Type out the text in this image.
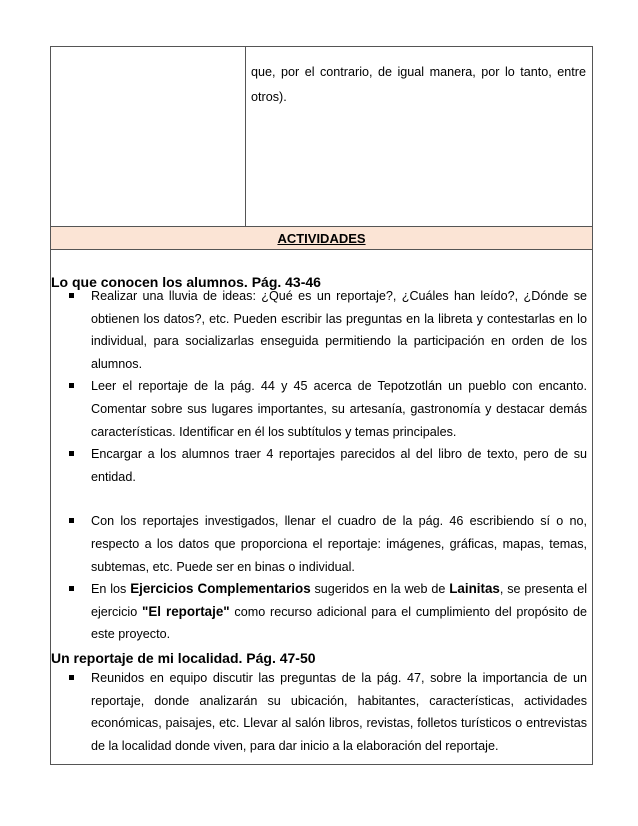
que, por el contrario, de igual manera, por lo tanto, entre otros).
ACTIVIDADES
Lo que conocen los alumnos. Pág. 43-46
Realizar una lluvia de ideas: ¿Qué es un reportaje?, ¿Cuáles han leído?, ¿Dónde se obtienen los datos?, etc. Pueden escribir las preguntas en la libreta y contestarlas en lo individual, para socializarlas enseguida permitiendo la participación en orden de los alumnos.
Leer el reportaje de la pág. 44 y 45 acerca de Tepotzotlán un pueblo con encanto. Comentar sobre sus lugares importantes, su artesanía, gastronomía y destacar demás características. Identificar en él los subtítulos y temas principales.
Encargar a los alumnos traer 4 reportajes parecidos al del libro de texto, pero de su entidad.
Con los reportajes investigados, llenar el cuadro de la pág. 46 escribiendo sí o no, respecto a los datos que proporciona el reportaje: imágenes, gráficas, mapas, temas, subtemas, etc. Puede ser en binas o individual.
En los Ejercicios Complementarios sugeridos en la web de Lainitas, se presenta el ejercicio "El reportaje" como recurso adicional para el cumplimiento del propósito de este proyecto.
Un reportaje de mi localidad. Pág. 47-50
Reunidos en equipo discutir las preguntas de la pág. 47, sobre la importancia de un reportaje, donde analizarán su ubicación, habitantes, características, actividades económicas, paisajes, etc. Llevar al salón libros, revistas, folletos turísticos o entrevistas de la localidad donde viven, para dar inicio a la elaboración del reportaje.
